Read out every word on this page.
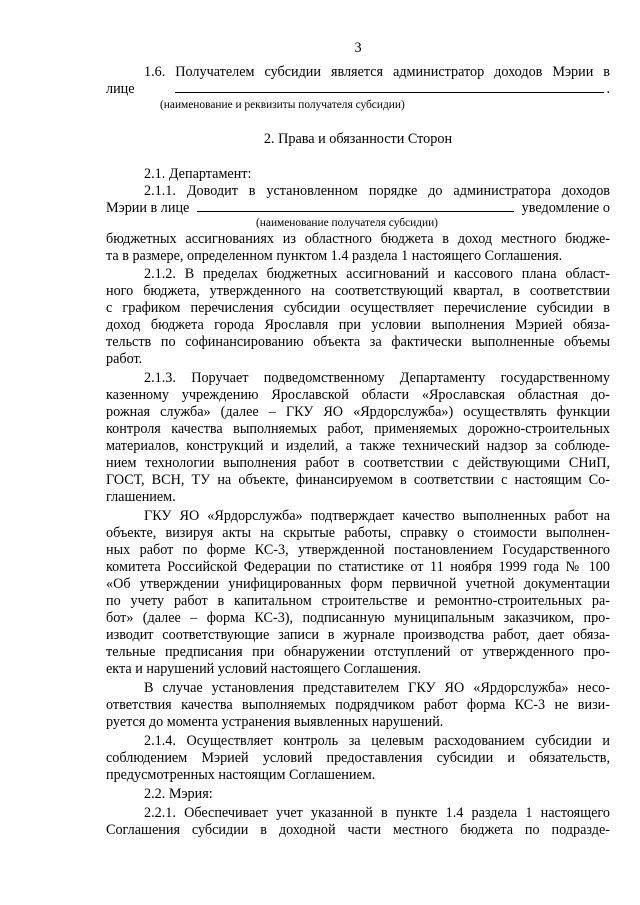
3
1.6. Получателем субсидии является администратор доходов Мэрии в
лице	.
(наименование и реквизиты получателя субсидии)
2. Права и обязанности Сторон
2.1. Департамент:
2.1.1. Доводит в установленном порядке до администратора доходов
Мэрии в лице	уведомление о
(наименование получателя субсидии)
бюджетных ассигнованиях из областного бюджета в доход местного бюдже-
та в размере, определенном пунктом 1.4 раздела 1 настоящего Соглашения.
2.1.2. В пределах бюджетных ассигнований и кассового плана област-
ного бюджета, утвержденного на соответствующий квартал, в соответствии
с графиком перечисления субсидии осуществляет перечисление субсидии в
доход бюджета города Ярославля при условии выполнения Мэрией обяза-
тельств по софинансированию объекта за фактически выполненные объемы
работ.
2.1.3. Поручает подведомственному Департаменту государственному
казенному учреждению Ярославской области «Ярославская областная до-
рожная служба» (далее – ГКУ ЯО «Ярдорслужба») осуществлять функции
контроля качества выполняемых работ, применяемых дорожно-строительных
материалов, конструкций и изделий, а также технический надзор за соблюде-
нием технологии выполнения работ в соответствии с действующими СНиП,
ГОСТ, ВСН, ТУ на объекте, финансируемом в соответствии с настоящим Со-
глашением.
ГКУ ЯО «Ярдорслужба» подтверждает качество выполненных работ на
объекте, визируя акты на скрытые работы, справку о стоимости выполнен-
ных работ по форме КС-3, утвержденной постановлением Государственного
комитета Российской Федерации по статистике от 11 ноября 1999 года № 100
«Об утверждении унифицированных форм первичной учетной документации
по учету работ в капитальном строительстве и ремонтно-строительных ра-
бот» (далее – форма КС-3), подписанную муниципальным заказчиком, про-
изводит соответствующие записи в журнале производства работ, дает обяза-
тельные предписания при обнаружении отступлений от утвержденного про-
екта и нарушений условий настоящего Соглашения.
В случае установления представителем ГКУ ЯО «Ярдорслужба» несо-
ответствия качества выполняемых подрядчиком работ форма КС-3 не визи-
руется до момента устранения выявленных нарушений.
2.1.4. Осуществляет контроль за целевым расходованием субсидии и
соблюдением Мэрией условий предоставления субсидии и обязательств,
предусмотренных настоящим Соглашением.
2.2. Мэрия:
2.2.1. Обеспечивает учет указанной в пункте 1.4 раздела 1 настоящего
Соглашения субсидии в доходной части местного бюджета по подразде-
